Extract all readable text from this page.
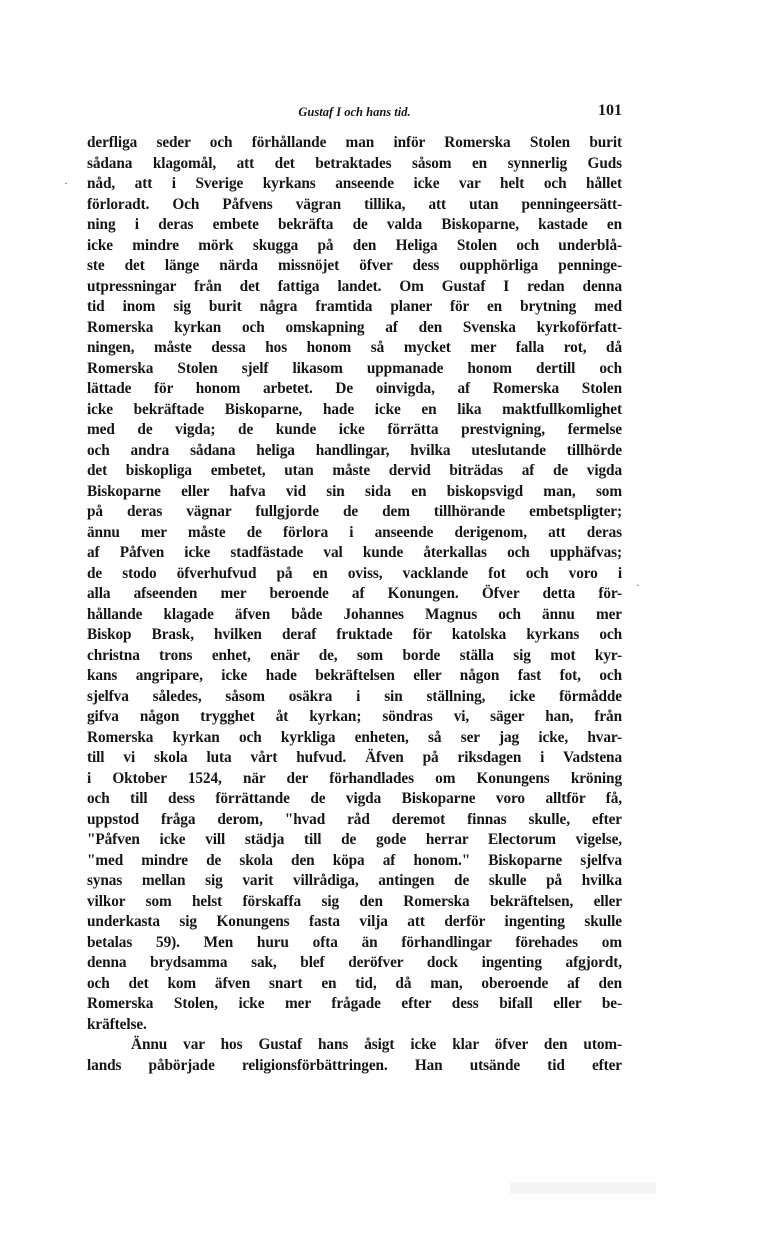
Gustaf I och hans tid.	101
·
·
derfliga seder och förhållande man inför Romerska Stolen burit
sådana klagomål, att det betraktades såsom en synnerlig Guds
nåd, att i Sverige kyrkans anseende icke var helt och hållet
förloradt. Och Påfvens vägran tillika, att utan penningeersätt-
ning i deras embete bekräfta de valda Biskoparne, kastade en
icke mindre mörk skugga på den Heliga Stolen och underblå-
ste det länge närda missnöjet öfver dess oupphörliga penninge-
utpressningar från det fattiga landet. Om Gustaf I redan denna
tid inom sig burit några framtida planer för en brytning med
Romerska kyrkan och omskapning af den Svenska kyrkoförfatt-
ningen, måste dessa hos honom så mycket mer falla rot, då
Romerska Stolen sjelf likasom uppmanade honom dertill och
lättade för honom arbetet. De oinvigda, af Romerska Stolen
icke bekräftade Biskoparne, hade icke en lika maktfullkomlighet
med de vigda; de kunde icke förrätta prestvigning, fermelse
och andra sådana heliga handlingar, hvilka uteslutande tillhörde
det biskopliga embetet, utan måste dervid biträdas af de vigda
Biskoparne eller hafva vid sin sida en biskopsvigd man, som
på deras vägnar fullgjorde de dem tillhörande embetspligter;
ännu mer måste de förlora i anseende derigenom, att deras
af Påfven icke stadfästade val kunde återkallas och upphäfvas;
de stodo öfverhufvud på en oviss, vacklande fot och voro i
alla afseenden mer beroende af Konungen. Öfver detta för-
hållande klagade äfven både Johannes Magnus och ännu mer
Biskop Brask, hvilken deraf fruktade för katolska kyrkans och
christna trons enhet, enär de, som borde ställa sig mot kyr-
kans angripare, icke hade bekräftelsen eller någon fast fot, och
sjelfva således, såsom osäkra i sin ställning, icke förmådde
gifva någon trygghet åt kyrkan; söndras vi, säger han, från
Romerska kyrkan och kyrkliga enheten, så ser jag icke, hvar-
till vi skola luta vårt hufvud. Äfven på riksdagen i Vadstena
i Oktober 1524, när der förhandlades om Konungens kröning
och till dess förrättande de vigda Biskoparne voro alltför få,
uppstod fråga derom, "hvad råd deremot finnas skulle, efter
"Påfven icke vill städja till de gode herrar Electorum vigelse,
"med mindre de skola den köpa af honom." Biskoparne sjelfva
synas mellan sig varit villrådiga, antingen de skulle på hvilka
vilkor som helst förskaffa sig den Romerska bekräftelsen, eller
underkasta sig Konungens fasta vilja att derför ingenting skulle
betalas 59). Men huru ofta än förhandlingar förehades om
denna brydsamma sak, blef deröfver dock ingenting afgjordt,
och det kom äfven snart en tid, då man, oberoende af den
Romerska Stolen, icke mer frågade efter dess bifall eller be-
kräftelse.
Ännu var hos Gustaf hans åsigt icke klar öfver den utom-
lands påbörjade religionsförbättringen. Han utsände tid efter
